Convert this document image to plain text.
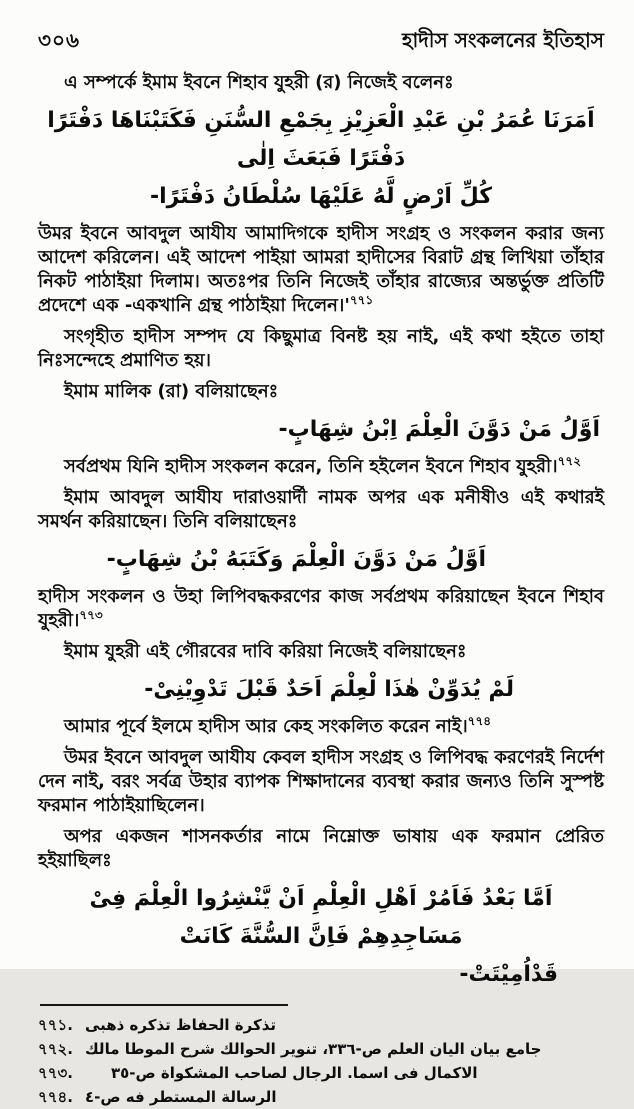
৩০৬	হাদীস সংকলনের ইতিহাস

এ সম্পর্কে ইমাম ইবনে শিহাব যুহরী (র) নিজেই বলেনঃ

اَمَرَنَا عُمَرُ بْنِ عَبْدِ الْعَزِيْزِ بِجَمْعِ السُّنَنِ فَكَتَبْنَاهَا دَفْتَرًا دَفْتَرًا فَبَعَثَ اِلٰى
كُلِّ اَرْضٍ لَّهُ عَلَيْهَا سُلْطَانُ دَفْتَرًا-

উমর ইবনে আবদুল আযীয আমাদিগকে হাদীস সংগ্রহ ও সংকলন করার জন্য আদেশ করিলেন। এই আদেশ পাইয়া আমরা হাদীসের বিরাট গ্রন্থ লিখিয়া তাঁহার নিকট পাঠাইয়া দিলাম। অতঃপর তিনি নিজেই তাঁহার রাজ্যের অন্তর্ভুক্ত প্রতিটি প্রদেশে এক -একখানি গ্রন্থ পাঠাইয়া দিলেন।'$^{৭৭১}$

সংগৃহীত হাদীস সম্পদ যে কিছুমাত্র বিনষ্ট হয় নাই, এই কথা হইতে তাহা নিঃসন্দেহে প্রমাণিত হয়।

ইমাম মালিক (রা) বলিয়াছেনঃ

اَوَّلُ مَنْ دَوَّنَ الْعِلْمَ اِبْنُ شِهَابٍ-

সর্বপ্রথম যিনি হাদীস সংকলন করেন, তিনি হইলেন ইবনে শিহাব যুহরী।$^{৭৭২}$

ইমাম আবদুল আযীয দারাওয়ার্দী নামক অপর এক মনীষীও এই কথারই সমর্থন করিয়াছেন। তিনি বলিয়াছেনঃ

اَوَّلُ مَنْ دَوَّنَ الْعِلْمَ وَكَتَبَهُ بْنُ شِهَابٍ-

হাদীস সংকলন ও উহা লিপিবদ্ধকরণের কাজ সর্বপ্রথম করিয়াছেন ইবনে শিহাব যুহরী।$^{৭৭৩}$

ইমাম যুহরী এই গৌরবের দাবি করিয়া নিজেই বলিয়াছেনঃ

لَمْ يُدَوِّنْ هٰذَا لْعِلْمَ اَحَدٌ قَبْلَ تَدْوِيْنِىْ-

আমার পূর্বে ইলমে হাদীস আর কেহ সংকলিত করেন নাই।$^{৭৭৪}$

উমর ইবনে আবদুল আযীয কেবল হাদীস সংগ্রহ ও লিপিবদ্ধ করণেরই নির্দেশ দেন নাই, বরং সর্বত্র উহার ব্যাপক শিক্ষাদানের ব্যবস্থা করার জন্যও তিনি সুস্পষ্ট ফরমান পাঠাইয়াছিলেন।

অপর একজন শাসনকর্তার নামে নিম্নোক্ত ভাষায় এক ফরমান প্রেরিত হইয়াছিলঃ

اَمَّا بَعْدُ فَاَمُرْ اَهْلِ الْعِلْمِ اَنْ يَّنْشِرُوا الْعِلْمَ فِىْ مَسَاجِدِهِمْ فَاِنَّ السُّنَّةَ كَانَتْ
قَدْاُمِيْتَتْ-
৭৭১. تذكرة الحفاظ تذكره ذهبى
৭৭২. جامع بيان اليان العلم ص-٣٣٦، تنوير الحوالك شرح الموطا مالك
৭৭৩.	الاكمال فى اسما. الرجال لصاحب المشكواة ص-٣٥
৭৭৪. الرسالة المستطر فه ص-٤
